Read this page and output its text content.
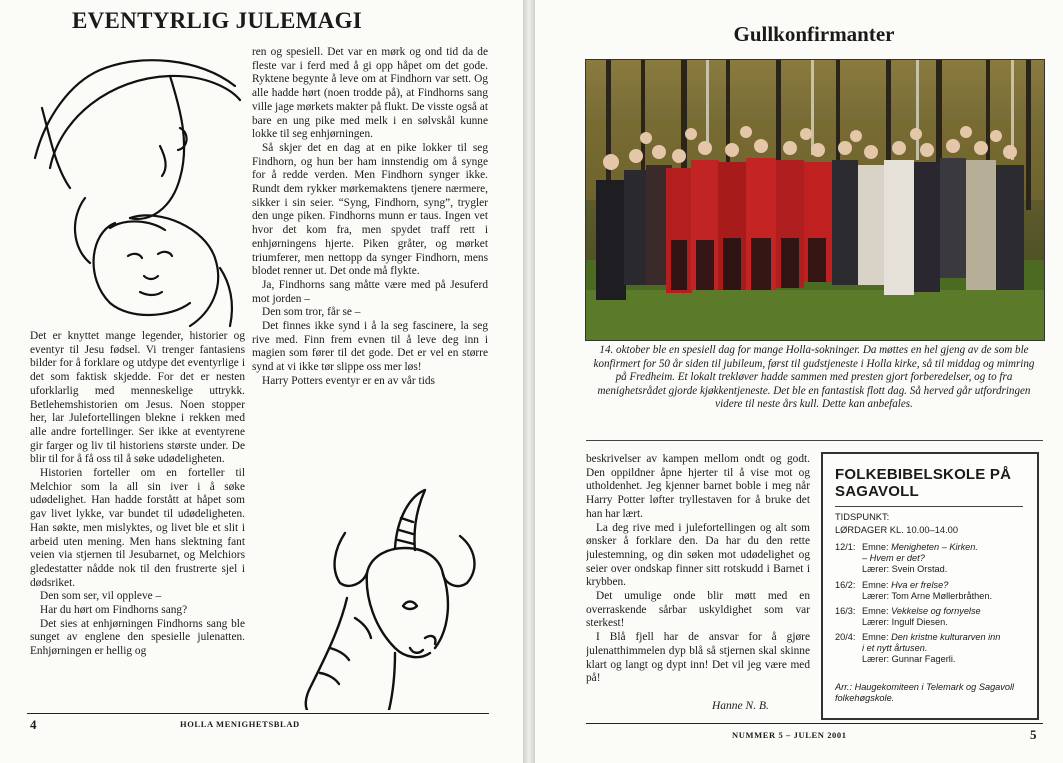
EVENTYRLIG JULEMAGI

Det er knyttet mange legender, historier og eventyr til Jesu fødsel. Vi trenger fantasiens bilder for å forklare og utdype det eventyrlige i det som faktisk skjedde. For det er nesten uforklarlig med menneskelige uttrykk. Betlehemshistorien om Jesus. Noen stopper her, lar Julefortellingen blekne i rekken med alle andre fortellinger. Ser ikke at eventyrene gir farger og liv til historiens største under. De blir til for å få oss til å søke udødeligheten.

Historien forteller om en forteller til Melchior som la all sin iver i å søke udødelighet. Han hadde forstått at håpet som gav livet lykke, var bundet til udødeligheten. Han søkte, men mislyktes, og livet ble et slit i arbeid uten mening. Men hans slektning fant veien via stjernen til Jesubarnet, og Melchiors gledestatter nådde nok til den frustrerte sjel i dødsriket.

Den som ser, vil oppleve –

Har du hørt om Findhorns sang?

Det sies at enhjørningen Findhorns sang ble sunget av englene den spesielle julenatten. Enhjørningen er hellig og

ren og spesiell. Det var en mørk og ond tid da de fleste var i ferd med å gi opp håpet om det gode. Ryktene begynte å leve om at Findhorn var sett. Og alle hadde hørt (noen trodde på), at Findhorns sang ville jage mørkets makter på flukt. De visste også at bare en ung pike med melk i en sølvskål kunne lokke til seg enhjørningen.

Så skjer det en dag at en pike lokker til seg Findhorn, og hun ber ham innstendig om å synge for å redde verden. Men Findhorn synger ikke. Rundt dem rykker mørkemaktens tjenere nærmere, sikker i sin seier. “Syng, Findhorn, syng”, trygler den unge piken. Findhorns munn er taus. Ingen vet hvor det kom fra, men spydet traff rett i enhjørningens hjerte. Piken gråter, og mørket triumferer, men nettopp da synger Findhorn, mens blodet renner ut. Det onde må flykte.

Ja, Findhorns sang måtte være med på Jesuferd mot jorden –

Den som tror, får se –

Det finnes ikke synd i å la seg fascinere, la seg rive med. Finn frem evnen til å leve deg inn i magien som fører til det gode. Det er vel en større synd at vi ikke tør slippe oss mer løs!

Harry Potters eventyr er en av vår tids

4	HOLLA MENIGHETSBLAD
Gullkonfirmanter
14. oktober ble en spesiell dag for mange Holla-sokninger. Da møttes en hel gjeng av de som ble konfirmert for 50 år siden til jubileum, først til gudstjeneste i Holla kirke, så til middag og mimring på Fredheim. Et lokalt trekløver hadde sammen med presten gjort forberedelser, og to fra menighetsrådet gjorde kjøkkentjeneste. Det ble en fantastisk flott dag. Så herved går utfordringen videre til neste års kull. Dette kan anbefales.

beskrivelser av kampen mellom ondt og godt. Den oppildner åpne hjerter til å vise mot og utholdenhet. Jeg kjenner barnet boble i meg når Harry Potter løfter tryllestaven for å bruke det han har lært.

La deg rive med i julefortellingen og alt som ønsker å forklare den. Da har du den rette julestemning, og din søken mot udødelighet og seier over ondskap finner sitt rotskudd i Barnet i krybben.

Det umulige onde blir møtt med en overraskende sårbar uskyldighet som var sterkest!

I Blå fjell har de ansvar for å gjøre julenatthimmelen dyp blå så stjernen skal skinne klart og langt og dypt inn! Det vil jeg være med på!

Hanne N. B.
FOLKEBIBELSKOLE PÅ SAGAVOLL
TIDSPUNKT:
LØRDAGER KL. 10.00–14.00
12/1: Emne: Menigheten – Kirken.
– Hvem er det?
Lærer: Svein Orstad.
16/2: Emne: Hva er frelse?
Lærer: Tom Arne Møllerbråthen.
16/3: Emne: Vekkelse og fornyelse
Lærer: Ingulf Diesen.
20/4: Emne: Den kristne kulturarven inn
i et nytt årtusen.
Lærer: Gunnar Fagerli.
Arr.: Haugekomiteen i Telemark og Sagavoll folkehøgskole.
NUMMER 5 – JULEN 2001	5
